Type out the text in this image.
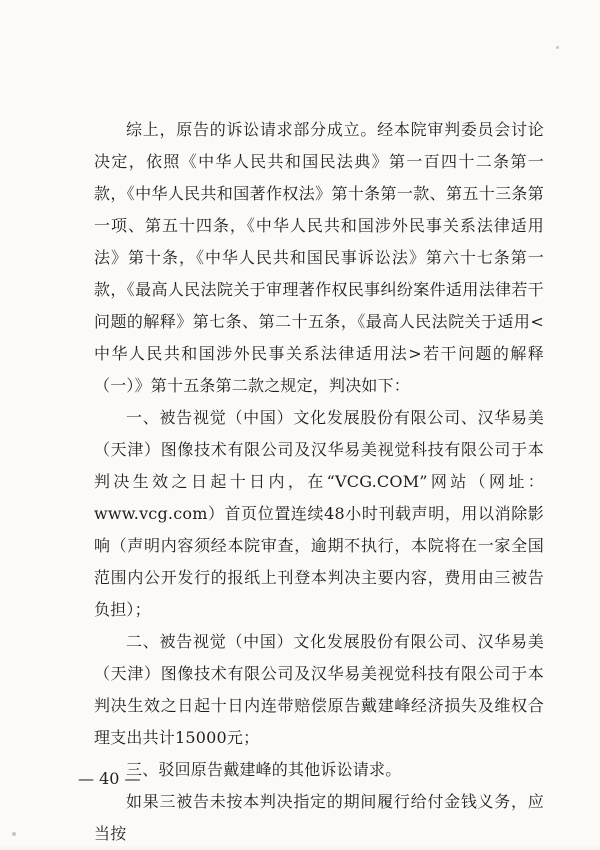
综上，原告的诉讼请求部分成立。经本院审判委员会讨论决定，依照《中华人民共和国民法典》第一百四十二条第一款，《中华人民共和国著作权法》第十条第一款、第五十三条第一项、第五十四条，《中华人民共和国涉外民事关系法律适用法》第十条，《中华人民共和国民事诉讼法》第六十七条第一款，《最高人民法院关于审理著作权民事纠纷案件适用法律若干问题的解释》第七条、第二十五条，《最高人民法院关于适用<中华人民共和国涉外民事关系法律适用法>若干问题的解释（一）》第十五条第二款之规定，判决如下：

一、被告视觉（中国）文化发展股份有限公司、汉华易美（天津）图像技术有限公司及汉华易美视觉科技有限公司于本判决生效之日起十日内，在“VCG.COM”网站（网址：www.vcg.com）首页位置连续48小时刊载声明，用以消除影响（声明内容须经本院审查，逾期不执行，本院将在一家全国范围内公开发行的报纸上刊登本判决主要内容，费用由三被告负担）；

二、被告视觉（中国）文化发展股份有限公司、汉华易美（天津）图像技术有限公司及汉华易美视觉科技有限公司于本判决生效之日起十日内连带赔偿原告戴建峰经济损失及维权合理支出共计15000元；

三、驳回原告戴建峰的其他诉讼请求。

如果三被告未按本判决指定的期间履行给付金钱义务，应当按

— 40 —
